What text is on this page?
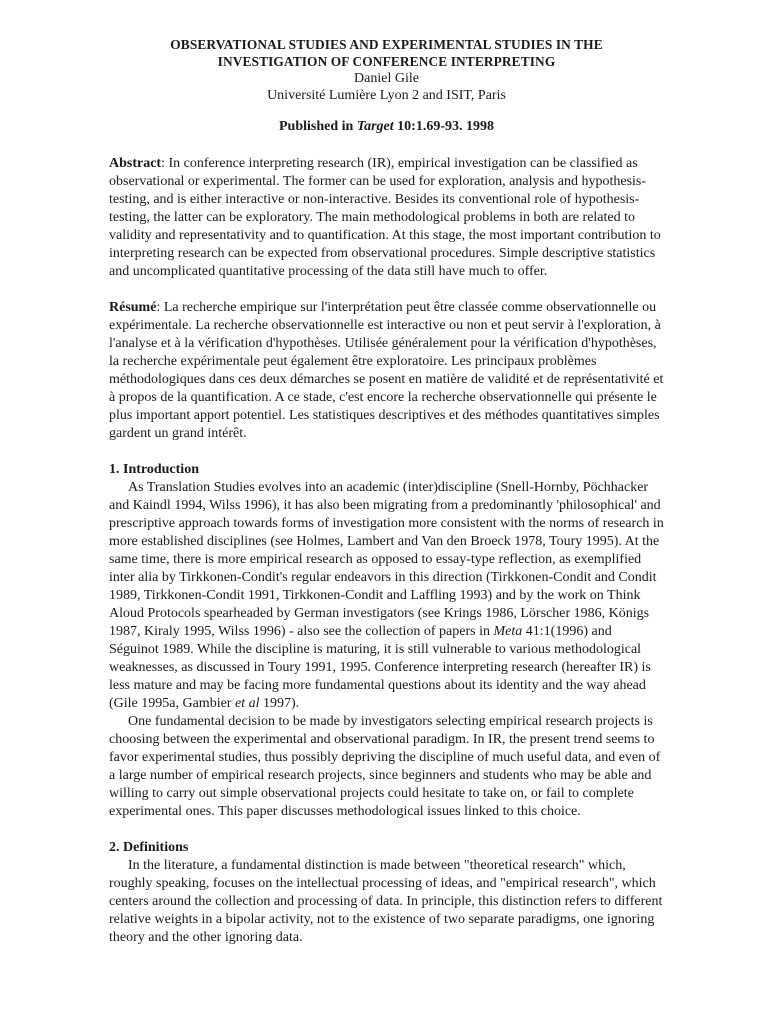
OBSERVATIONAL STUDIES AND EXPERIMENTAL STUDIES IN THE
INVESTIGATION OF CONFERENCE INTERPRETING
Daniel Gile
Université Lumière Lyon 2 and ISIT, Paris
Published in Target 10:1.69-93. 1998

Abstract: In conference interpreting research (IR), empirical investigation can be classified as observational or experimental. The former can be used for exploration, analysis and hypothesis-testing, and is either interactive or non-interactive. Besides its conventional role of hypothesis-testing, the latter can be exploratory. The main methodological problems in both are related to validity and representativity and to quantification. At this stage, the most important contribution to interpreting research can be expected from observational procedures. Simple descriptive statistics and uncomplicated quantitative processing of the data still have much to offer.

Résumé: La recherche empirique sur l'interprétation peut être classée comme observationnelle ou expérimentale. La recherche observationnelle est interactive ou non et peut servir à l'exploration, à l'analyse et à la vérification d'hypothèses. Utilisée généralement pour la vérification d'hypothèses, la recherche expérimentale peut également être exploratoire. Les principaux problèmes méthodologiques dans ces deux démarches se posent en matière de validité et de représentativité et à propos de la quantification. A ce stade, c'est encore la recherche observationnelle qui présente le plus important apport potentiel. Les statistiques descriptives et des méthodes quantitatives simples gardent un grand intérêt.

1. Introduction

As Translation Studies evolves into an academic (inter)discipline (Snell-Hornby, Pöchhacker and Kaindl 1994, Wilss 1996), it has also been migrating from a predominantly 'philosophical' and prescriptive approach towards forms of investigation more consistent with the norms of research in more established disciplines (see Holmes, Lambert and Van den Broeck 1978, Toury 1995). At the same time, there is more empirical research as opposed to essay-type reflection, as exemplified inter alia by Tirkkonen-Condit's regular endeavors in this direction (Tirkkonen-Condit and Condit 1989, Tirkkonen-Condit 1991, Tirkkonen-Condit and Laffling 1993) and by the work on Think Aloud Protocols spearheaded by German investigators (see Krings 1986, Lörscher 1986, Königs 1987, Kiraly 1995, Wilss 1996) - also see the collection of papers in Meta 41:1(1996) and Séguinot 1989. While the discipline is maturing, it is still vulnerable to various methodological weaknesses, as discussed in Toury 1991, 1995. Conference interpreting research (hereafter IR) is less mature and may be facing more fundamental questions about its identity and the way ahead (Gile 1995a, Gambier et al 1997).

One fundamental decision to be made by investigators selecting empirical research projects is choosing between the experimental and observational paradigm. In IR, the present trend seems to favor experimental studies, thus possibly depriving the discipline of much useful data, and even of a large number of empirical research projects, since beginners and students who may be able and willing to carry out simple observational projects could hesitate to take on, or fail to complete experimental ones. This paper discusses methodological issues linked to this choice.

2. Definitions

In the literature, a fundamental distinction is made between "theoretical research" which, roughly speaking, focuses on the intellectual processing of ideas, and "empirical research", which centers around the collection and processing of data. In principle, this distinction refers to different relative weights in a bipolar activity, not to the existence of two separate paradigms, one ignoring theory and the other ignoring data.
